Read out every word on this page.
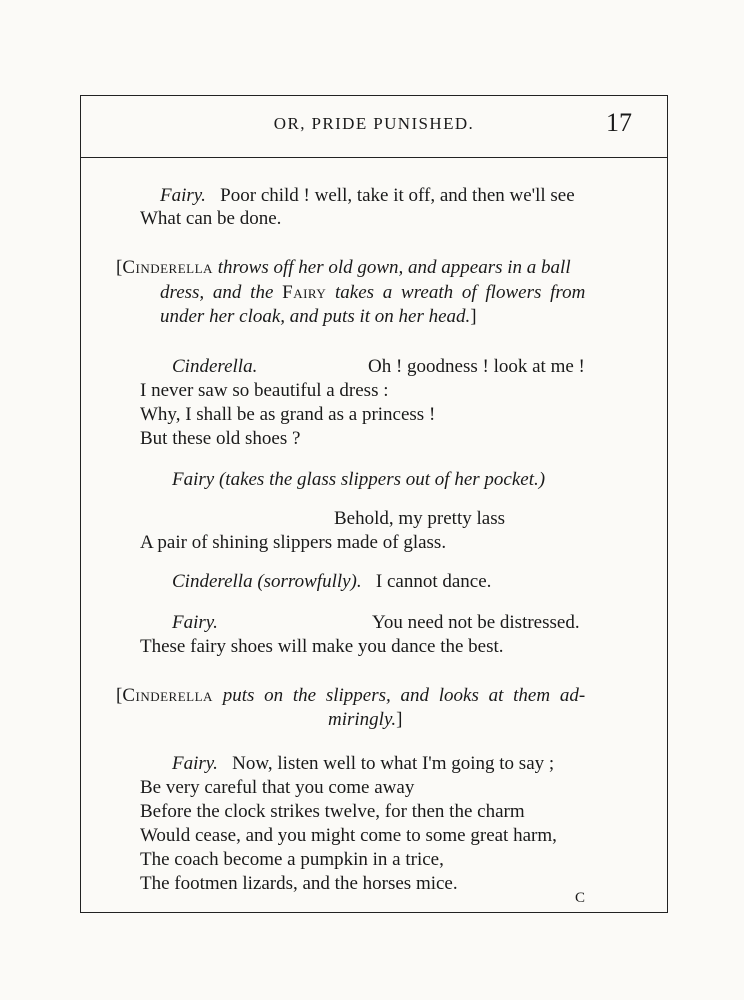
OR, PRIDE PUNISHED.	17
Fairy. Poor child ! well, take it off, and then we'll see
What can be done.
[Cinderella throws off her old gown, and appears in a ball
dress, and the Fairy takes a wreath of flowers from
under her cloak, and puts it on her head.]
Cinderella.	Oh ! goodness ! look at me !
I never saw so beautiful a dress :
Why, I shall be as grand as a princess !
But these old shoes ?
Fairy (takes the glass slippers out of her pocket.)
Behold, my pretty lass
A pair of shining slippers made of glass.
Cinderella (sorrowfully). I cannot dance.
Fairy.	You need not be distressed.
These fairy shoes will make you dance the best.
[Cinderella puts on the slippers, and looks at them ad-
miringly.]
Fairy. Now, listen well to what I'm going to say ;
Be very careful that you come away
Before the clock strikes twelve, for then the charm
Would cease, and you might come to some great harm,
The coach become a pumpkin in a trice,
The footmen lizards, and the horses mice.
C
